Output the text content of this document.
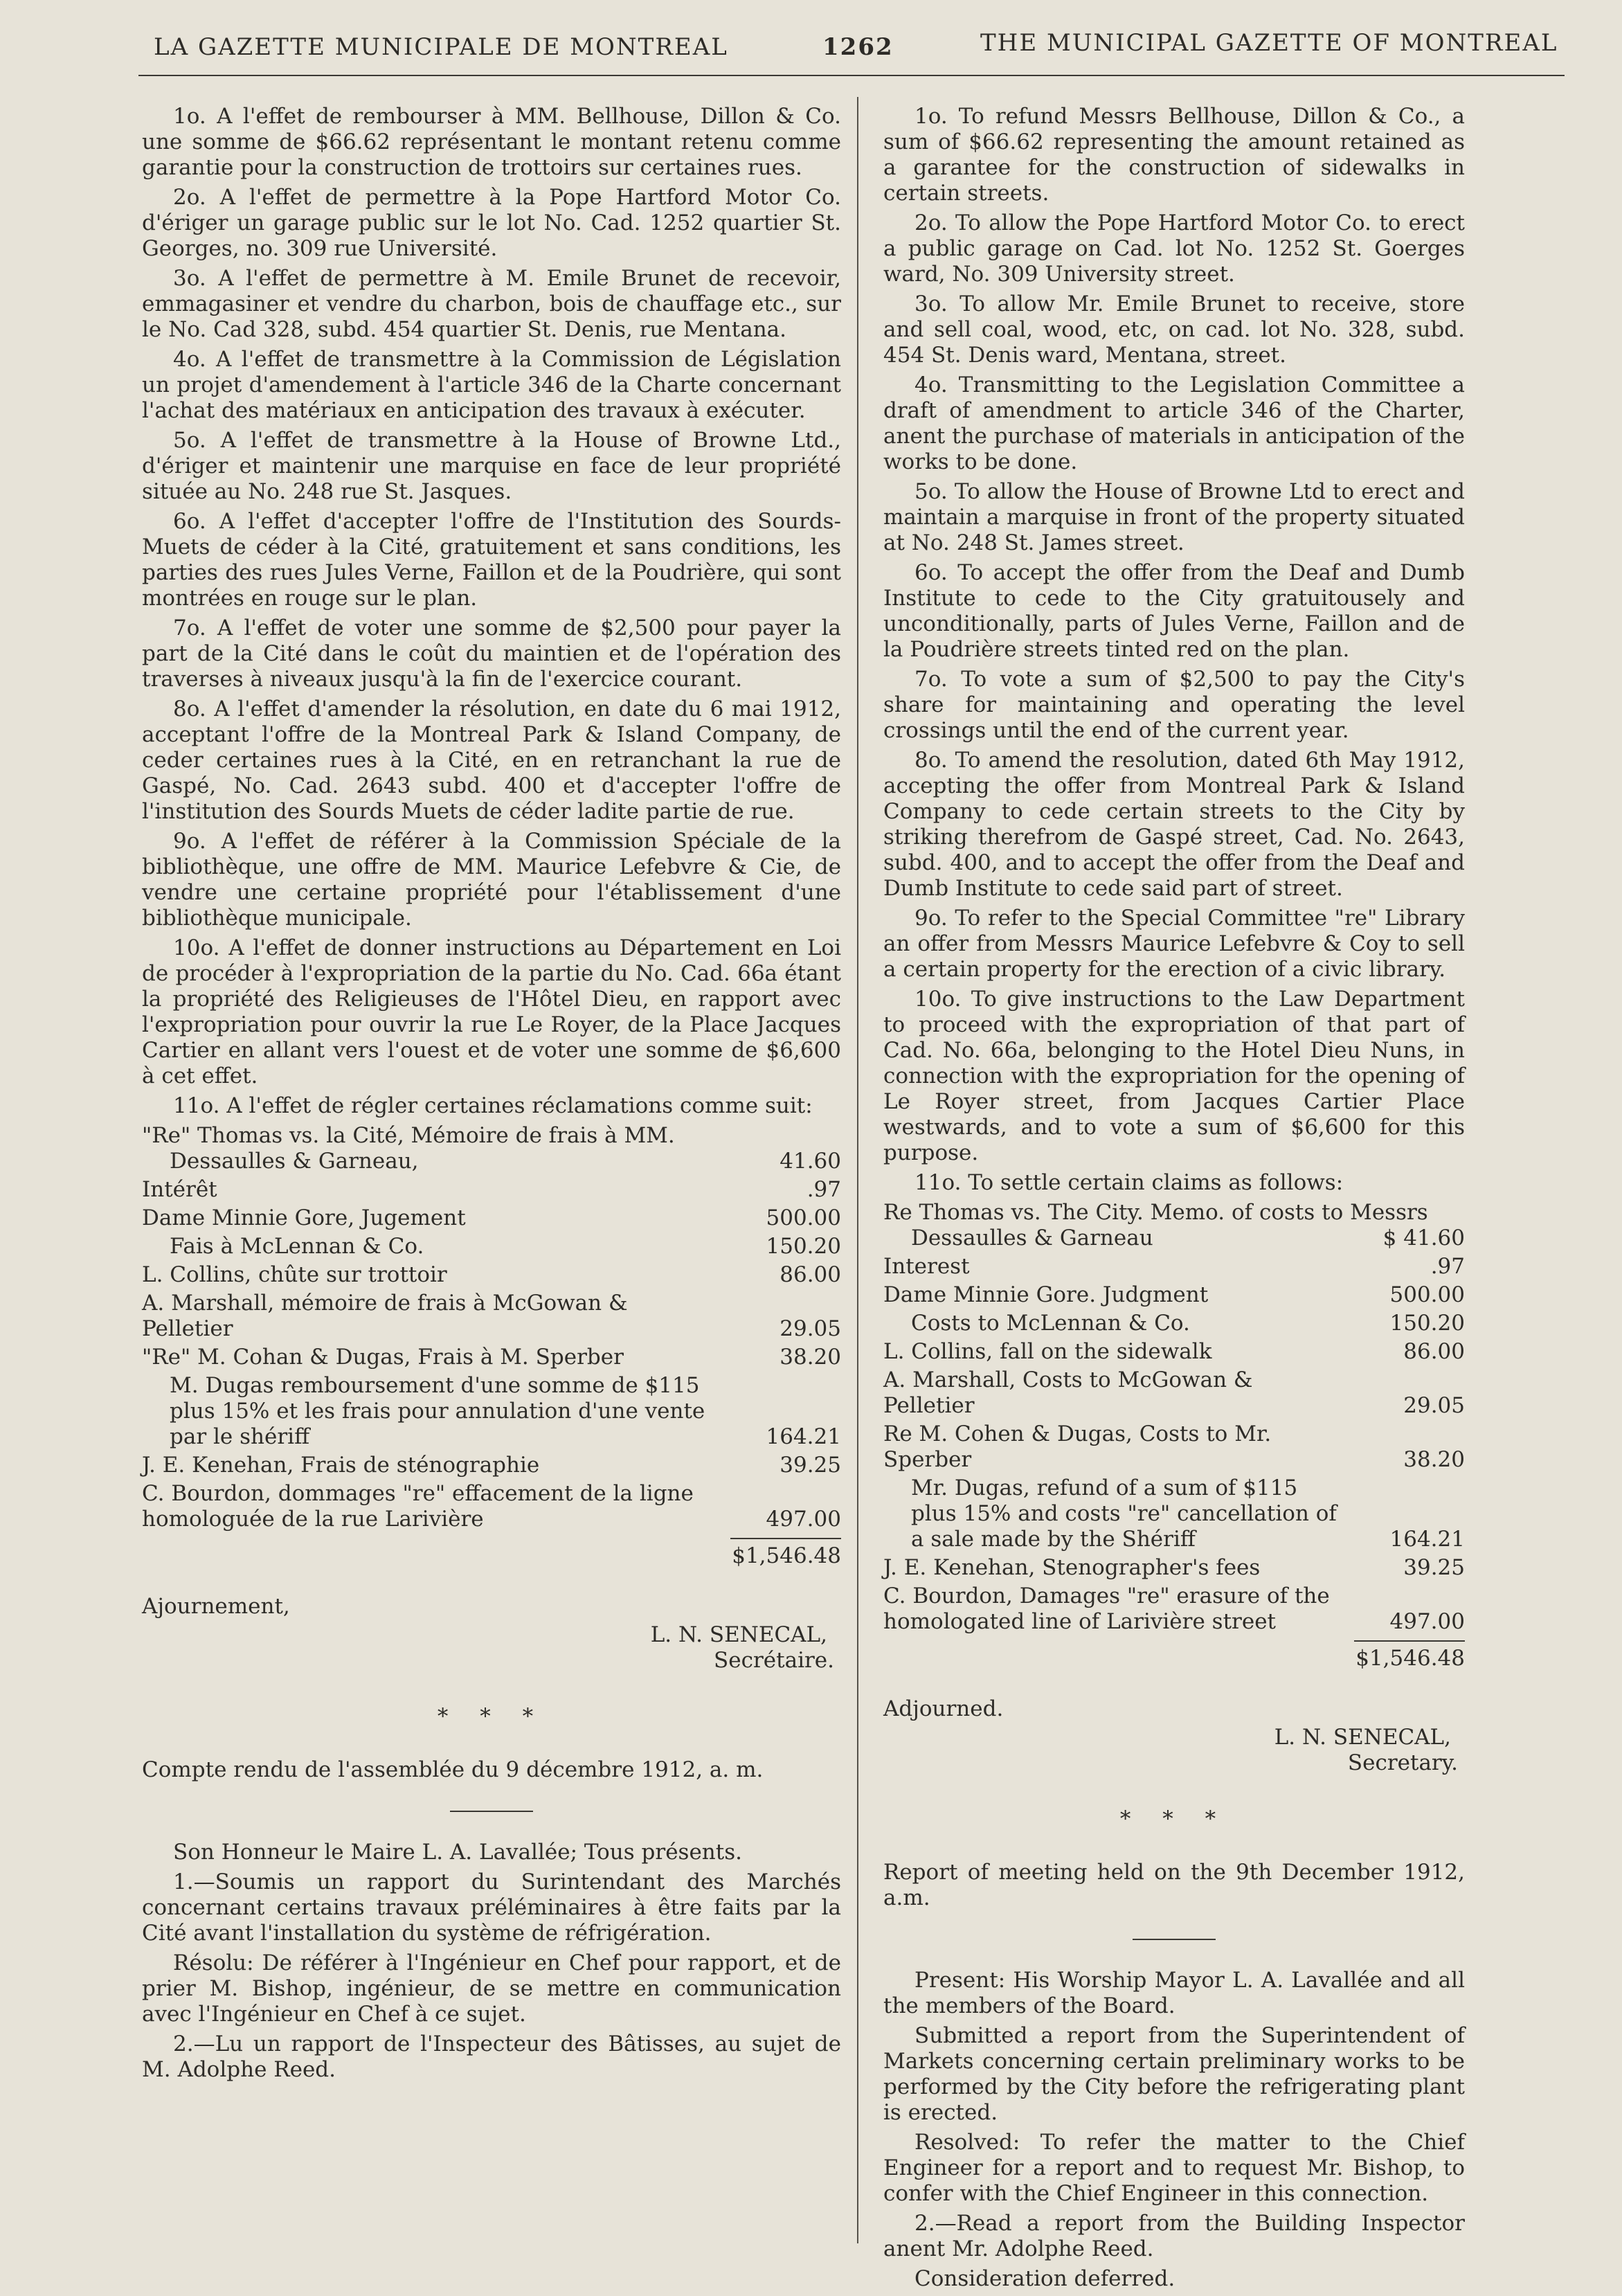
LA GAZETTE MUNICIPALE DE MONTREAL	1262	THE MUNICIPAL GAZETTE OF MONTREAL

1o. A l'effet de rembourser à MM. Bellhouse, Dillon & Co. une somme de $66.62 représentant le montant retenu comme garantie pour la construction de trottoirs sur certaines rues.

2o. A l'effet de permettre à la Pope Hartford Motor Co. d'ériger un garage public sur le lot No. Cad. 1252 quartier St. Georges, no. 309 rue Université.

3o. A l'effet de permettre à M. Emile Brunet de recevoir, emmagasiner et vendre du charbon, bois de chauffage etc., sur le No. Cad 328, subd. 454 quartier St. Denis, rue Mentana.

4o. A l'effet de transmettre à la Commission de Législation un projet d'amendement à l'article 346 de la Charte concernant l'achat des matériaux en anticipation des travaux à exécuter.

5o. A l'effet de transmettre à la House of Browne Ltd., d'ériger et maintenir une marquise en face de leur propriété située au No. 248 rue St. Jasques.

6o. A l'effet d'accepter l'offre de l'Institution des Sourds-Muets de céder à la Cité, gratuitement et sans conditions, les parties des rues Jules Verne, Faillon et de la Poudrière, qui sont montrées en rouge sur le plan.

7o. A l'effet de voter une somme de $2,500 pour payer la part de la Cité dans le coût du maintien et de l'opération des traverses à niveaux jusqu'à la fin de l'exercice courant.

8o. A l'effet d'amender la résolution, en date du 6 mai 1912, acceptant l'offre de la Montreal Park & Island Company, de ceder certaines rues à la Cité, en en retranchant la rue de Gaspé, No. Cad. 2643 subd. 400 et d'accepter l'offre de l'institution des Sourds Muets de céder ladite partie de rue.

9o. A l'effet de référer à la Commission Spéciale de la bibliothèque, une offre de MM. Maurice Lefebvre & Cie, de vendre une certaine propriété pour l'établissement d'une bibliothèque municipale.

10o. A l'effet de donner instructions au Département en Loi de procéder à l'expropriation de la partie du No. Cad. 66a étant la propriété des Religieuses de l'Hôtel Dieu, en rapport avec l'expropriation pour ouvrir la rue Le Royer, de la Place Jacques Cartier en allant vers l'ouest et de voter une somme de $6,600 à cet effet.

11o. A l'effet de régler certaines réclamations comme suit:

"Re" Thomas vs. la Cité, Mémoire de frais à MM.
Dessaulles & Garneau,	41.60
Intérêt	.97
Dame Minnie Gore, Jugement	500.00
Fais à McLennan & Co.	150.20
L. Collins, chûte sur trottoir	86.00
A. Marshall, mémoire de frais à McGowan & Pelletier	29.05
"Re" M. Cohan & Dugas, Frais à M. Sperber	38.20
M. Dugas remboursement d'une somme de $115 plus 15% et les frais pour annulation d'une vente par le shériff	164.21
J. E. Kenehan, Frais de sténographie	39.25
C. Bourdon, dommages "re" effacement de la ligne homologuée de la rue Larivière	497.00
$1,546.48
Ajournement,
L. N. SENECAL,
Secrétaire.
* * *
Compte rendu de l'assemblée du 9 décembre 1912, a. m.

Son Honneur le Maire L. A. Lavallée; Tous présents.

1.—Soumis un rapport du Surintendant des Marchés concernant certains travaux préléminaires à être faits par la Cité avant l'installation du système de réfrigération.

Résolu: De référer à l'Ingénieur en Chef pour rapport, et de prier M. Bishop, ingénieur, de se mettre en communication avec l'Ingénieur en Chef à ce sujet.

2.—Lu un rapport de l'Inspecteur des Bâtisses, au sujet de M. Adolphe Reed.

1o. To refund Messrs Bellhouse, Dillon & Co., a sum of $66.62 representing the amount retained as a garantee for the construction of sidewalks in certain streets.

2o. To allow the Pope Hartford Motor Co. to erect a public garage on Cad. lot No. 1252 St. Goerges ward, No. 309 University street.

3o. To allow Mr. Emile Brunet to receive, store and sell coal, wood, etc, on cad. lot No. 328, subd. 454 St. Denis ward, Mentana, street.

4o. Transmitting to the Legislation Committee a draft of amendment to article 346 of the Charter, anent the purchase of materials in anticipation of the works to be done.

5o. To allow the House of Browne Ltd to erect and maintain a marquise in front of the property situated at No. 248 St. James street.

6o. To accept the offer from the Deaf and Dumb Institute to cede to the City gratuitousely and unconditionally, parts of Jules Verne, Faillon and de la Poudrière streets tinted red on the plan.

7o. To vote a sum of $2,500 to pay the City's share for maintaining and operating the level crossings until the end of the current year.

8o. To amend the resolution, dated 6th May 1912, accepting the offer from Montreal Park & Island Company to cede certain streets to the City by striking therefrom de Gaspé street, Cad. No. 2643, subd. 400, and to accept the offer from the Deaf and Dumb Institute to cede said part of street.

9o. To refer to the Special Committee "re" Library an offer from Messrs Maurice Lefebvre & Coy to sell a certain property for the erection of a civic library.

10o. To give instructions to the Law Department to proceed with the expropriation of that part of Cad. No. 66a, belonging to the Hotel Dieu Nuns, in connection with the expropriation for the opening of Le Royer street, from Jacques Cartier Place westwards, and to vote a sum of $6,600 for this purpose.

11o. To settle certain claims as follows:

Re Thomas vs. The City. Memo. of costs to Messrs
Dessaulles & Garneau	$ 41.60
Interest	.97
Dame Minnie Gore. Judgment	500.00
Costs to McLennan & Co.	150.20
L. Collins, fall on the sidewalk	86.00
A. Marshall, Costs to McGowan & Pelletier	29.05
Re M. Cohen & Dugas, Costs to Mr. Sperber	38.20
Mr. Dugas, refund of a sum of $115 plus 15% and costs "re" cancellation of a sale made by the Shériff	164.21
J. E. Kenehan, Stenographer's fees	39.25
C. Bourdon, Damages "re" erasure of the homologated line of Larivière street	497.00
$1,546.48
Adjourned.
L. N. SENECAL,
Secretary.
* * *
Report of meeting held on the 9th December 1912, a.m.

Present: His Worship Mayor L. A. Lavallée and all the members of the Board.

Submitted a report from the Superintendent of Markets concerning certain preliminary works to be performed by the City before the refrigerating plant is erected.

Resolved: To refer the matter to the Chief Engineer for a report and to request Mr. Bishop, to confer with the Chief Engineer in this connection.

2.—Read a report from the Building Inspector anent Mr. Adolphe Reed.

Consideration deferred.
